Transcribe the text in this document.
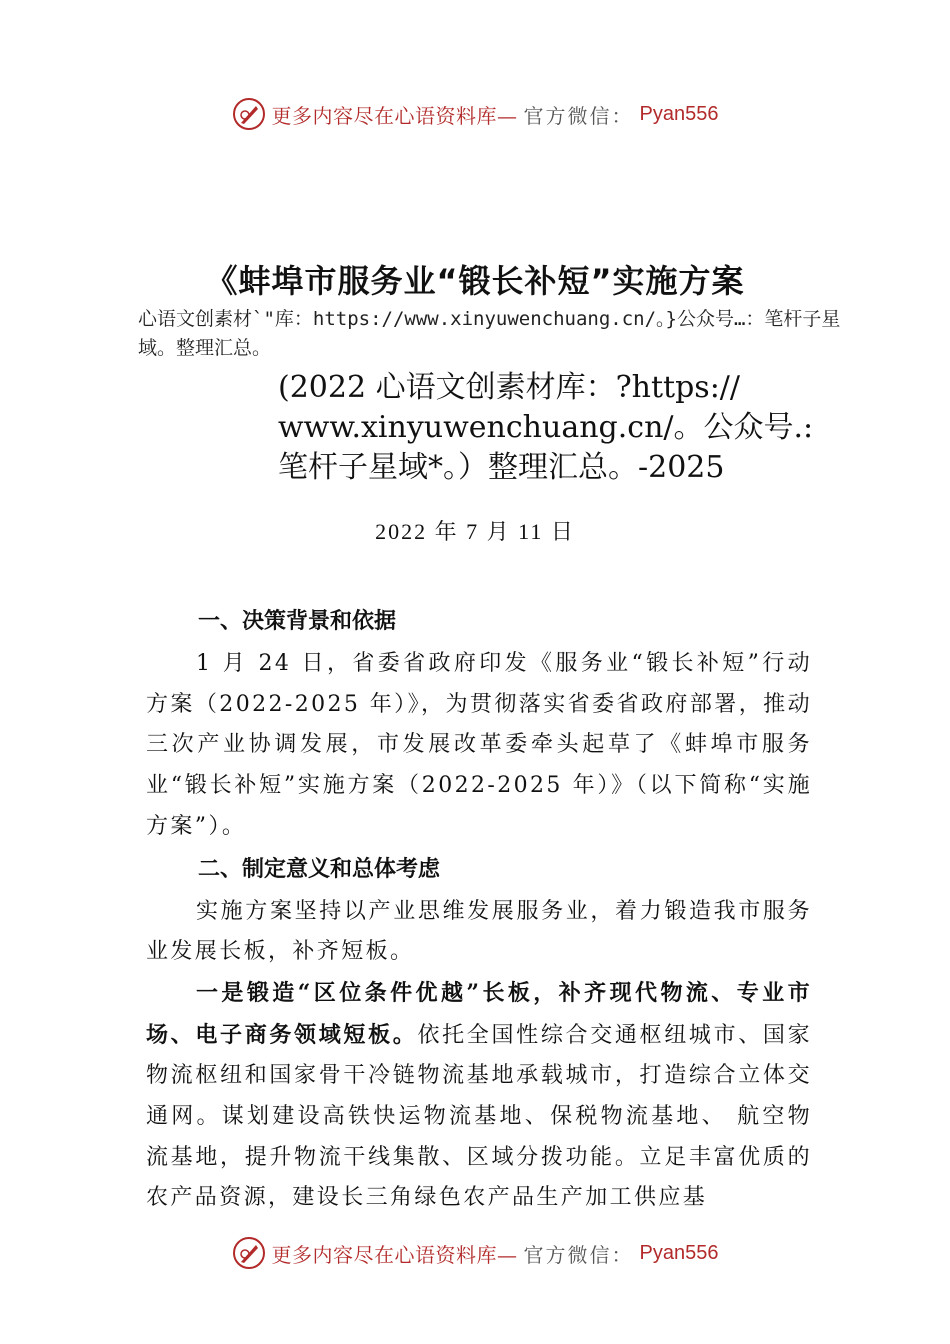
更多内容尽在心语资料库— 官方微信： Pyan556
《蚌埠市服务业“锻长补短”实施方案
心语文创素材`"库：https://www.xinyuwenchuang.cn/。}公众号…：笔杆子星域。整理汇总。
(2022 心语文创素材库：?https://
www.xinyuwenchuang.cn/。公众号.:
笔杆子星域*。）整理汇总。-2025
2022 年 7 月 11 日
一、决策背景和依据

1 月 24 日，省委省政府印发《服务业“锻长补短”行动方案（2022-2025 年）》，为贯彻落实省委省政府部署，推动三次产业协调发展，市发展改革委牵头起草了《蚌埠市服务业“锻长补短”实施方案（2022-2025 年）》（以下简称“实施方案”）。

二、制定意义和总体考虑

实施方案坚持以产业思维发展服务业，着力锻造我市服务业发展长板，补齐短板。

一是锻造“区位条件优越”长板，补齐现代物流、专业市场、电子商务领域短板。依托全国性综合交通枢纽城市、国家物流枢纽和国家骨干冷链物流基地承载城市，打造综合立体交通网。谋划建设高铁快运物流基地、保税物流基地、 航空物流基地，提升物流干线集散、区域分拨功能。立足丰富优质的农产品资源，建设长三角绿色农产品生产加工供应基

更多内容尽在心语资料库— 官方微信： Pyan556
